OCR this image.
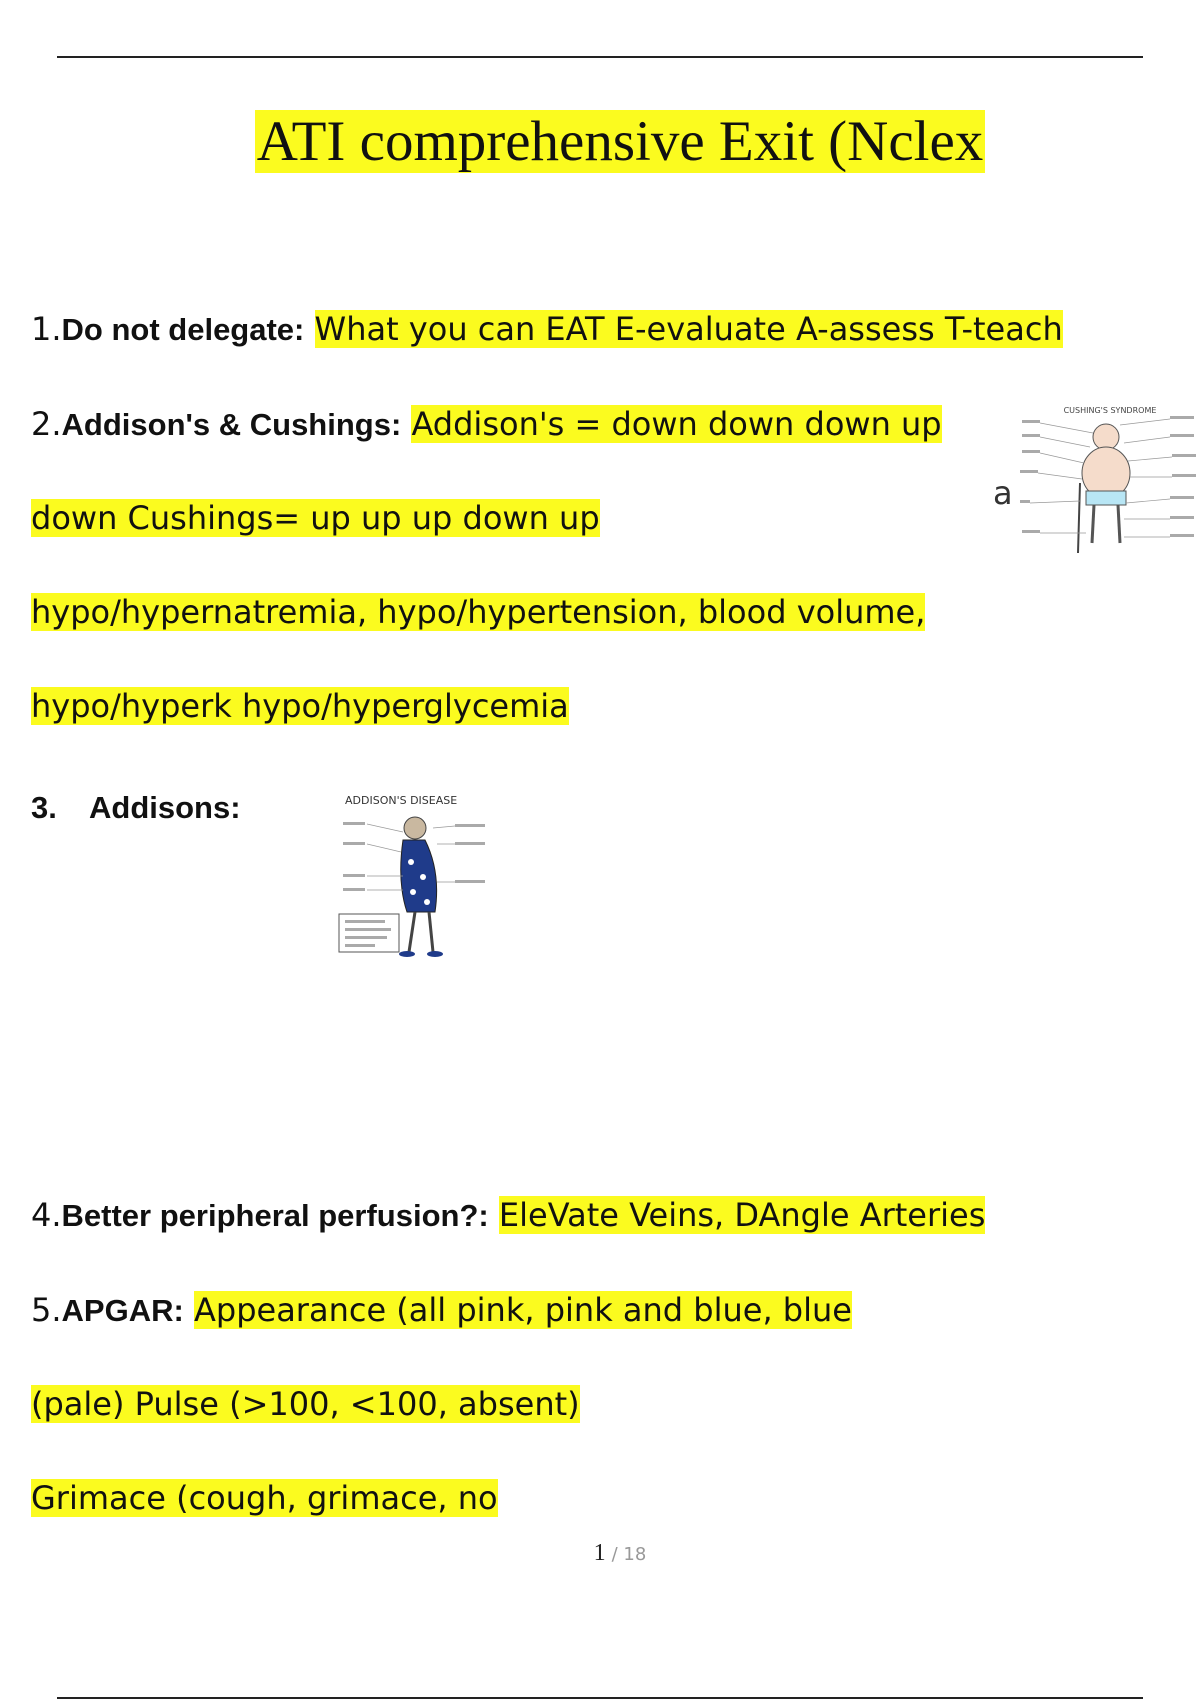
ATI comprehensive Exit (Nclex
1.Do not delegate: What you can EAT E-evaluate A-assess T-teach
2.Addison's & Cushings: Addison's = down down down up
down Cushings= up up up down up
hypo/hypernatremia, hypo/hypertension, blood volume,
hypo/hyperk hypo/hyperglycemia
a
CUSHING'S SYNDROME
3. Addisons:	ADDISON'S DISEASE
4.Better peripheral perfusion?: EleVate Veins, DAngle Arteries
5.APGAR: Appearance (all pink, pink and blue, blue
(pale) Pulse (>100, <100, absent)
Grimace (cough, grimace, no
1 / 18
